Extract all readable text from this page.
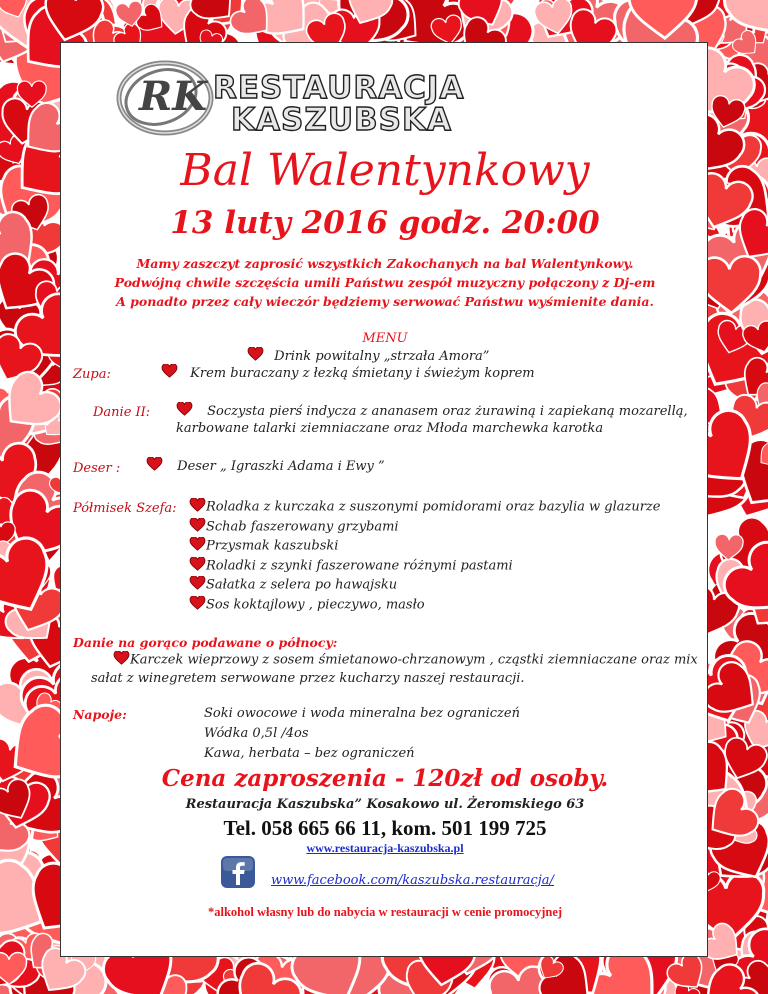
RK RESTAURACJA
KASZUBSKA
Bal Walentynkowy
13 luty 2016 godz. 20:00
Mamy zaszczyt zaprosić wszystkich Zakochanych na bal Walentynkowy.
Podwójną chwile szczęścia umili Państwu zespół muzyczny połączony z Dj-em
A ponadto przez cały wieczór będziemy serwować Państwu wyśmienite dania.
MENU
Drink powitalny „strzała Amora”
Zupa:	Krem buraczany z łezką śmietany i świeżym koprem
Danie II:	Soczysta pierś indycza z ananasem oraz żurawiną i zapiekaną mozarellą,
karbowane talarki ziemniaczane oraz Młoda marchewka karotka
Deser :	Deser „ Igraszki Adama i Ewy ”
Półmisek Szefa:	Roladka z kurczaka z suszonymi pomidorami oraz bazylia w glazurze
Schab faszerowany grzybami
Przysmak kaszubski
Roladki z szynki faszerowane różnymi pastami
Sałatka z selera po hawajsku
Sos koktajlowy , pieczywo, masło
Danie na gorąco podawane o północy:
Karczek wieprzowy z sosem śmietanowo-chrzanowym , cząstki ziemniaczane oraz mix
sałat z winegretem serwowane przez kucharzy naszej restauracji.
Napoje:	Soki owocowe i woda mineralna bez ograniczeń
Wódka 0,5l /4os
Kawa, herbata – bez ograniczeń
Cena zaproszenia - 120zł od osoby.
Restauracja Kaszubska” Kosakowo ul. Żeromskiego 63
Tel. 058 665 66 11, kom. 501 199 725
www.restauracja-kaszubska.pl
www.facebook.com/kaszubska.restauracja/
*alkohol własny lub do nabycia w restauracji w cenie promocyjnej
